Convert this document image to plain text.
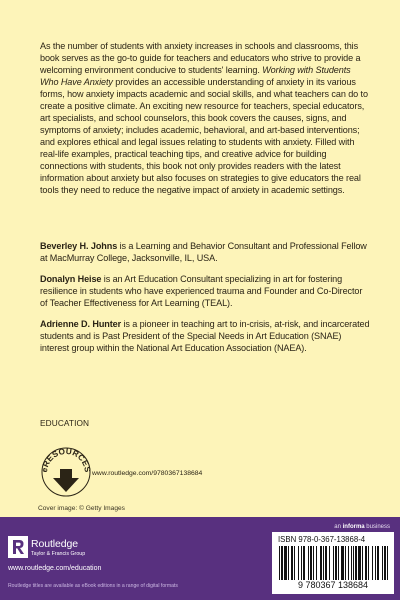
As the number of students with anxiety increases in schools and classrooms, this book serves as the go-to guide for teachers and educators who strive to provide a welcoming environment conducive to students' learning. Working with Students Who Have Anxiety provides an accessible understanding of anxiety in its various forms, how anxiety impacts academic and social skills, and what teachers can do to create a positive climate. An exciting new resource for teachers, special educators, art specialists, and school counselors, this book covers the causes, signs, and symptoms of anxiety; includes academic, behavioral, and art-based interventions; and explores ethical and legal issues relating to students with anxiety. Filled with real-life examples, practical teaching tips, and creative advice for building connections with students, this book not only provides readers with the latest information about anxiety but also focuses on strategies to give educators the real tools they need to reduce the negative impact of anxiety in academic settings.

Beverley H. Johns is a Learning and Behavior Consultant and Professional Fellow at MacMurray College, Jacksonville, IL, USA.

Donalyn Heise is an Art Education Consultant specializing in art for fostering resilience in students who have experienced trauma and Founder and Co-Director of Teacher Effectiveness for Art Learning (TEAL).

Adrienne D. Hunter is a pioneer in teaching art to in-crisis, at-risk, and incarcerated students and is Past President of the Special Needs in Art Education (SNAE) interest group within the National Art Education Association (NAEA).

EDUCATION
eRESOURCES
www.routledge.com/9780367138684
Cover image: © Getty Images
an informa business
Routledge
Taylor & Francis Group
www.routledge.com/education
Routledge titles are available as eBook editions in a range of digital formats
ISBN 978-0-367-13868-4
9 780367 138684
